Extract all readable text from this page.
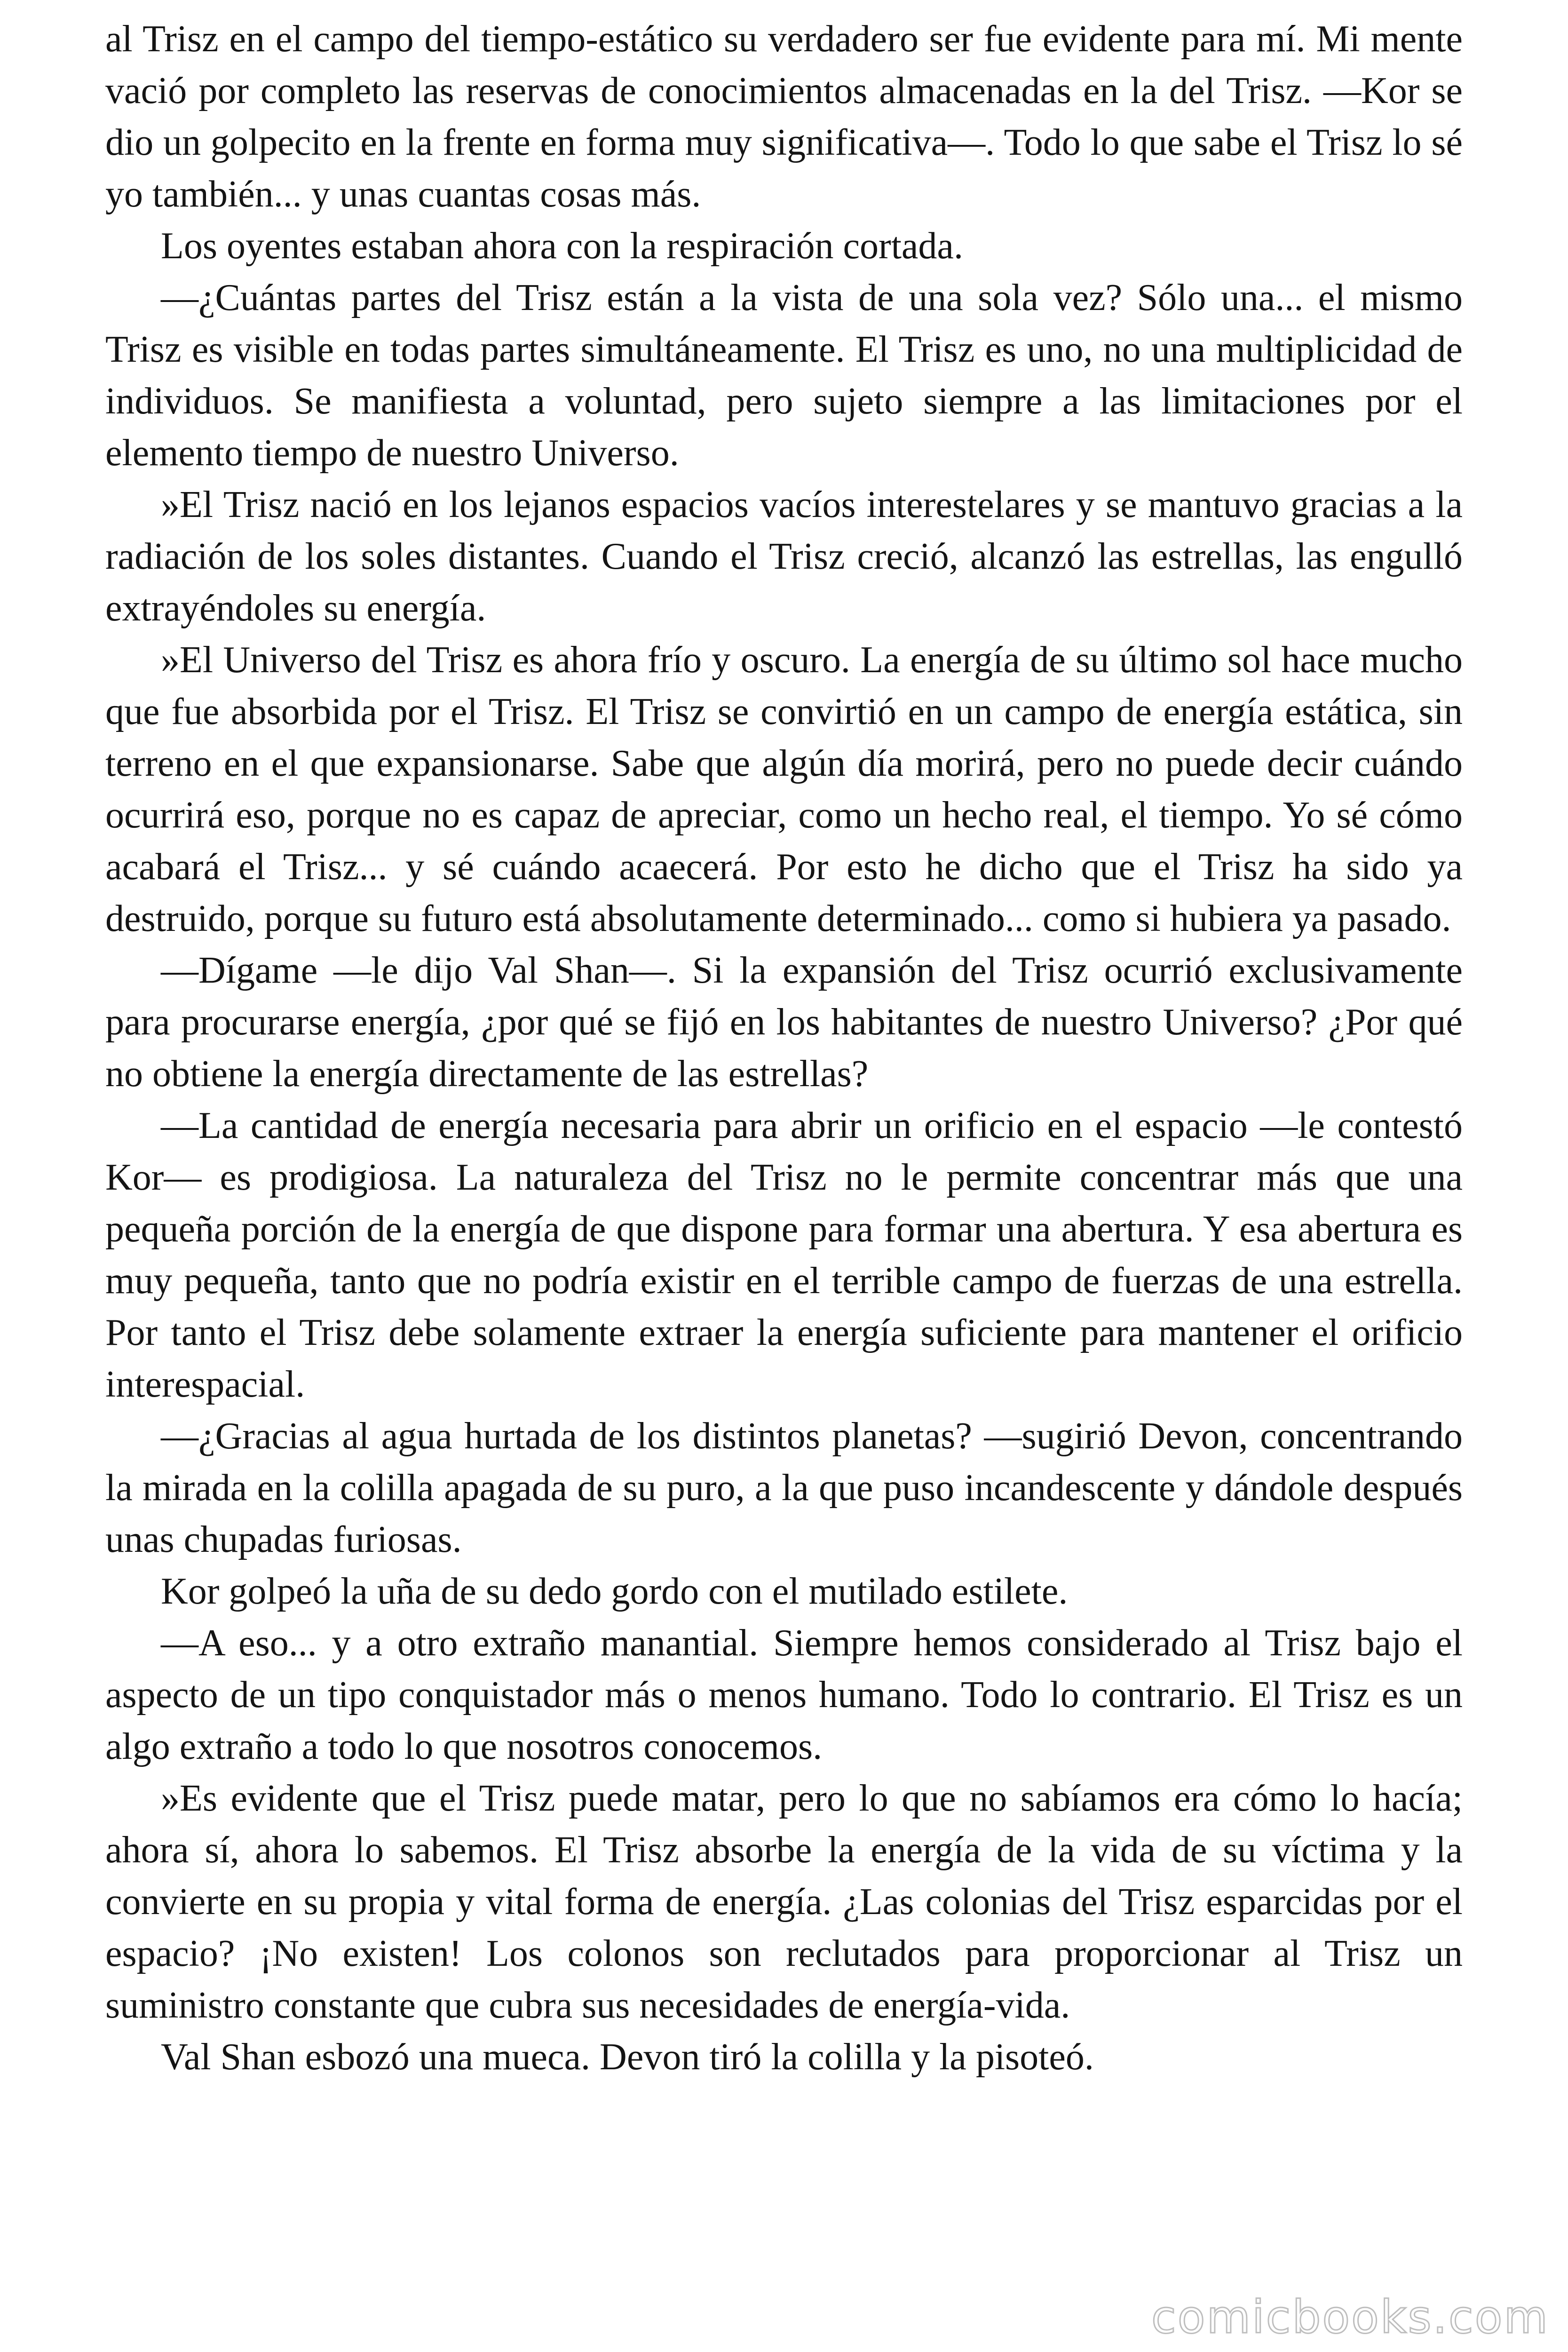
al Trisz en el campo del tiempo-estático su verdadero ser fue evidente para mí. Mi mente vació por completo las reservas de conocimientos almacenadas en la del Trisz. —Kor se dio un golpecito en la frente en forma muy significativa—. Todo lo que sabe el Trisz lo sé yo también... y unas cuantas cosas más.

Los oyentes estaban ahora con la respiración cortada.

—¿Cuántas partes del Trisz están a la vista de una sola vez? Sólo una... el mismo Trisz es visible en todas partes simultáneamente. El Trisz es uno, no una multiplicidad de individuos. Se manifiesta a voluntad, pero sujeto siempre a las limitaciones por el elemento tiempo de nuestro Universo.

»El Trisz nació en los lejanos espacios vacíos interestelares y se mantuvo gracias a la radiación de los soles distantes. Cuando el Trisz creció, alcanzó las estrellas, las engulló extrayéndoles su energía.

»El Universo del Trisz es ahora frío y oscuro. La energía de su último sol hace mucho que fue absorbida por el Trisz. El Trisz se convirtió en un campo de energía estática, sin terreno en el que expansionarse. Sabe que algún día morirá, pero no puede decir cuándo ocurrirá eso, porque no es capaz de apreciar, como un hecho real, el tiempo. Yo sé cómo acabará el Trisz... y sé cuándo acaecerá. Por esto he dicho que el Trisz ha sido ya destruido, porque su futuro está absolutamente determinado... como si hubiera ya pasado.

—Dígame —le dijo Val Shan—. Si la expansión del Trisz ocurrió exclusivamente para procurarse energía, ¿por qué se fijó en los habitantes de nuestro Universo? ¿Por qué no obtiene la energía directamente de las estrellas?

—La cantidad de energía necesaria para abrir un orificio en el espacio —le contestó Kor— es prodigiosa. La naturaleza del Trisz no le permite concentrar más que una pequeña porción de la energía de que dispone para formar una abertura. Y esa abertura es muy pequeña, tanto que no podría existir en el terrible campo de fuerzas de una estrella. Por tanto el Trisz debe solamente extraer la energía suficiente para mantener el orificio interespacial.

—¿Gracias al agua hurtada de los distintos planetas? —sugirió Devon, concentrando la mirada en la colilla apagada de su puro, a la que puso incandescente y dándole después unas chupadas furiosas.

Kor golpeó la uña de su dedo gordo con el mutilado estilete.

—A eso... y a otro extraño manantial. Siempre hemos considerado al Trisz bajo el aspecto de un tipo conquistador más o menos humano. Todo lo contrario. El Trisz es un algo extraño a todo lo que nosotros conocemos.

»Es evidente que el Trisz puede matar, pero lo que no sabíamos era cómo lo hacía; ahora sí, ahora lo sabemos. El Trisz absorbe la energía de la vida de su víctima y la convierte en su propia y vital forma de energía. ¿Las colonias del Trisz esparcidas por el espacio? ¡No existen! Los colonos son reclutados para proporcionar al Trisz un suministro constante que cubra sus necesidades de energía-vida.

Val Shan esbozó una mueca. Devon tiró la colilla y la pisoteó.

comicbooks.com
